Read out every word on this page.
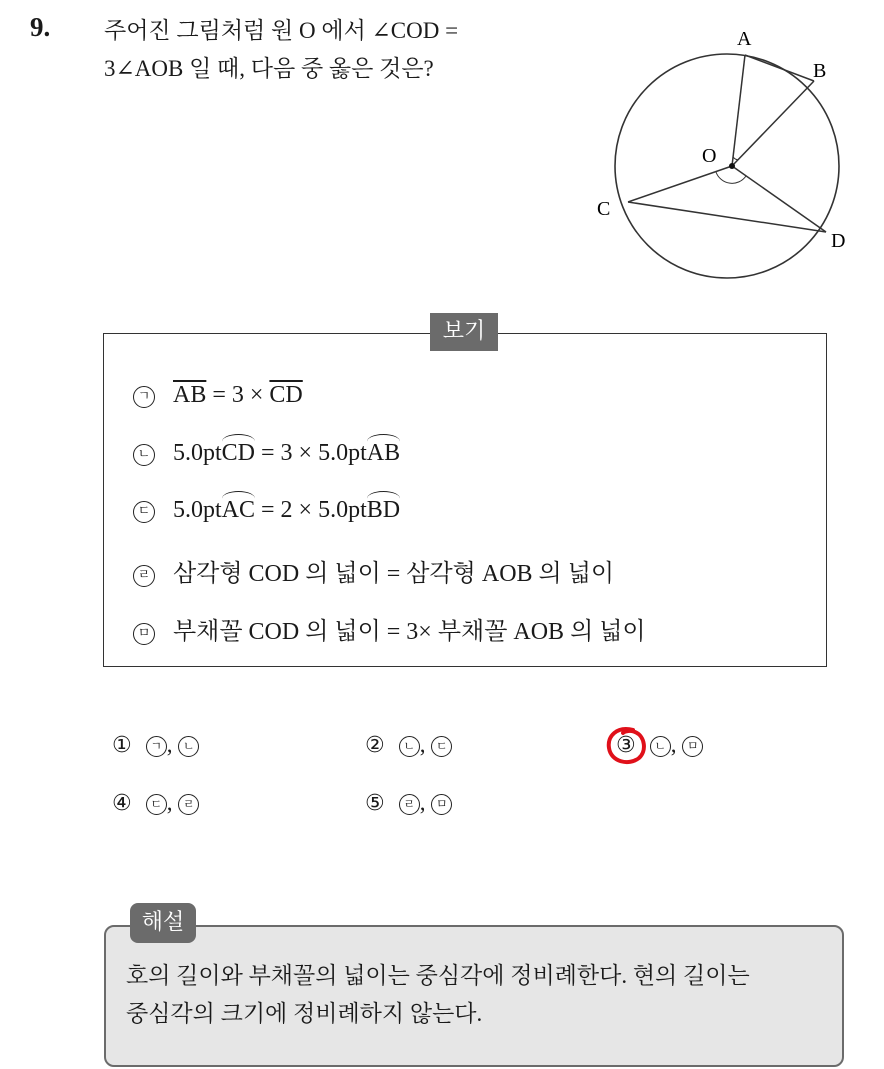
9. 주어진 그림처럼 원 O 에서 ∠COD =
3∠AOB 일 때, 다음 중 옳은 것은?
A
B
C
D
O
보기
ㄱ $\overline{AB} = 3 \times \overline{CD}$
ㄴ 5.0ptCD = 3 × 5.0ptAB
ㄷ 5.0ptAC = 2 × 5.0ptBD
ㄹ 삼각형 COD 의 넓이 = 삼각형 AOB 의 넓이
ㅁ 부채꼴 COD 의 넓이 = 3× 부채꼴 AOB 의 넓이
① ㄱ , ㄴ	② ㄴ , ㄷ	③ ㄴ , ㅁ
④ ㄷ , ㄹ	⑤ ㄹ , ㅁ
해설
호의 길이와 부채꼴의 넓이는 중심각에 정비례한다. 현의 길이는
중심각의 크기에 정비례하지 않는다.
